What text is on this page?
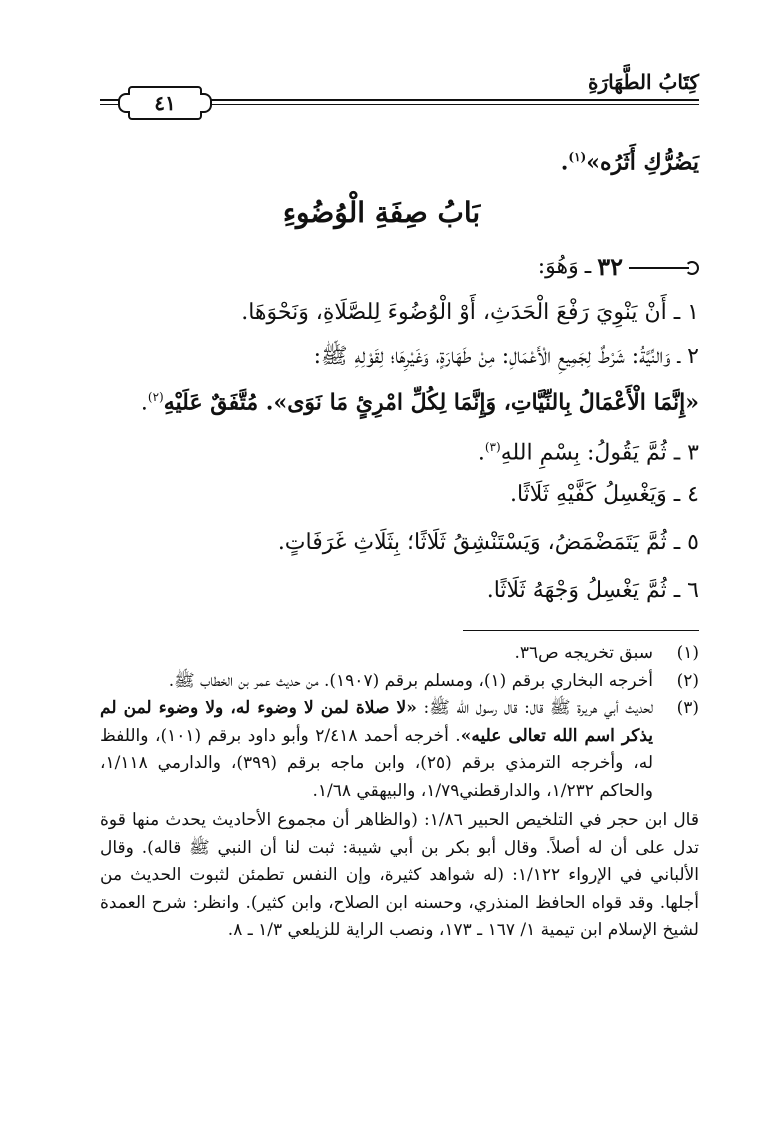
كِتَابُ الطَّهَارَةِ
٤١
يَضُرُّكِ أَثَرُه»$^{(١)}$.
بَابُ صِفَةِ الْوُضُوءِ
٣٢
ـ
وَهُوَ:
١ ـ أَنْ يَنْوِيَ رَفْعَ الْحَدَثِ، أَوْ الْوُضُوءَ لِلصَّلَاةِ، وَنَحْوَهَا.
٢ ـ وَالنِّيَّةُ: شَرْطٌ لِجَمِيعِ الْأَعْمَالِ: مِنْ طَهَارَةٍ، وَغَيْرِهَا؛ لِقَوْلِهِ ﷺ:
«إِنَّمَا الْأَعْمَالُ بِالنِّيَّاتِ، وَإِنَّمَا لِكُلِّ امْرِئٍ مَا نَوَى». مُتَّفَقٌ عَلَيْهِ$^{(٢)}$.
٣ ـ ثُمَّ يَقُولُ: بِسْمِ اللهِ$^{(٣)}$.
٤ ـ وَيَغْسِلُ كَفَّيْهِ ثَلَاثًا.
٥ ـ ثُمَّ يَتَمَضْمَضُ، وَيَسْتَنْشِقُ ثَلَاثًا؛ بِثَلَاثِ غَرَفَاتٍ.
٦ ـ ثُمَّ يَغْسِلُ وَجْهَهُ ثَلَاثًا.
(١)
سبق تخريجه ص٣٦.
(٢)
أخرجه البخاري برقم (١)، ومسلم برقم (١٩٠٧). من حديث عمر بن الخطاب ﷺ.
(٣)
لحديث أبي هريرة ﷺ قال: قال رسول الله ﷺ: «لا صلاة لمن لا وضوء له، ولا وضوء لمن لم يذكر اسم الله تعالى عليه». أخرجه أحمد ٢/٤١٨ وأبو داود برقم (١٠١)، واللفظ له، وأخرجه الترمذي برقم (٢٥)، وابن ماجه برقم (٣٩٩)، والدارمي ١/١١٨، والحاكم ١/٢٣٢، والدارقطني١/٧٩، والبيهقي ١/٦٨.
قال ابن حجر في التلخيص الحبير ١/٨٦: (والظاهر أن مجموع الأحاديث يحدث منها قوة تدل على أن له أصلاً. وقال أبو بكر بن أبي شيبة: ثبت لنا أن النبي ﷺ قاله). وقال الألباني في الإرواء ١/١٢٢: (له شواهد كثيرة، وإن النفس تطمئن لثبوت الحديث من أجلها. وقد قواه الحافظ المنذري، وحسنه ابن الصلاح، وابن كثير). وانظر: شرح العمدة لشيخ الإسلام ابن تيمية ١/ ١٦٧ ـ ١٧٣، ونصب الراية للزيلعي ١/٣ ـ ٨.
